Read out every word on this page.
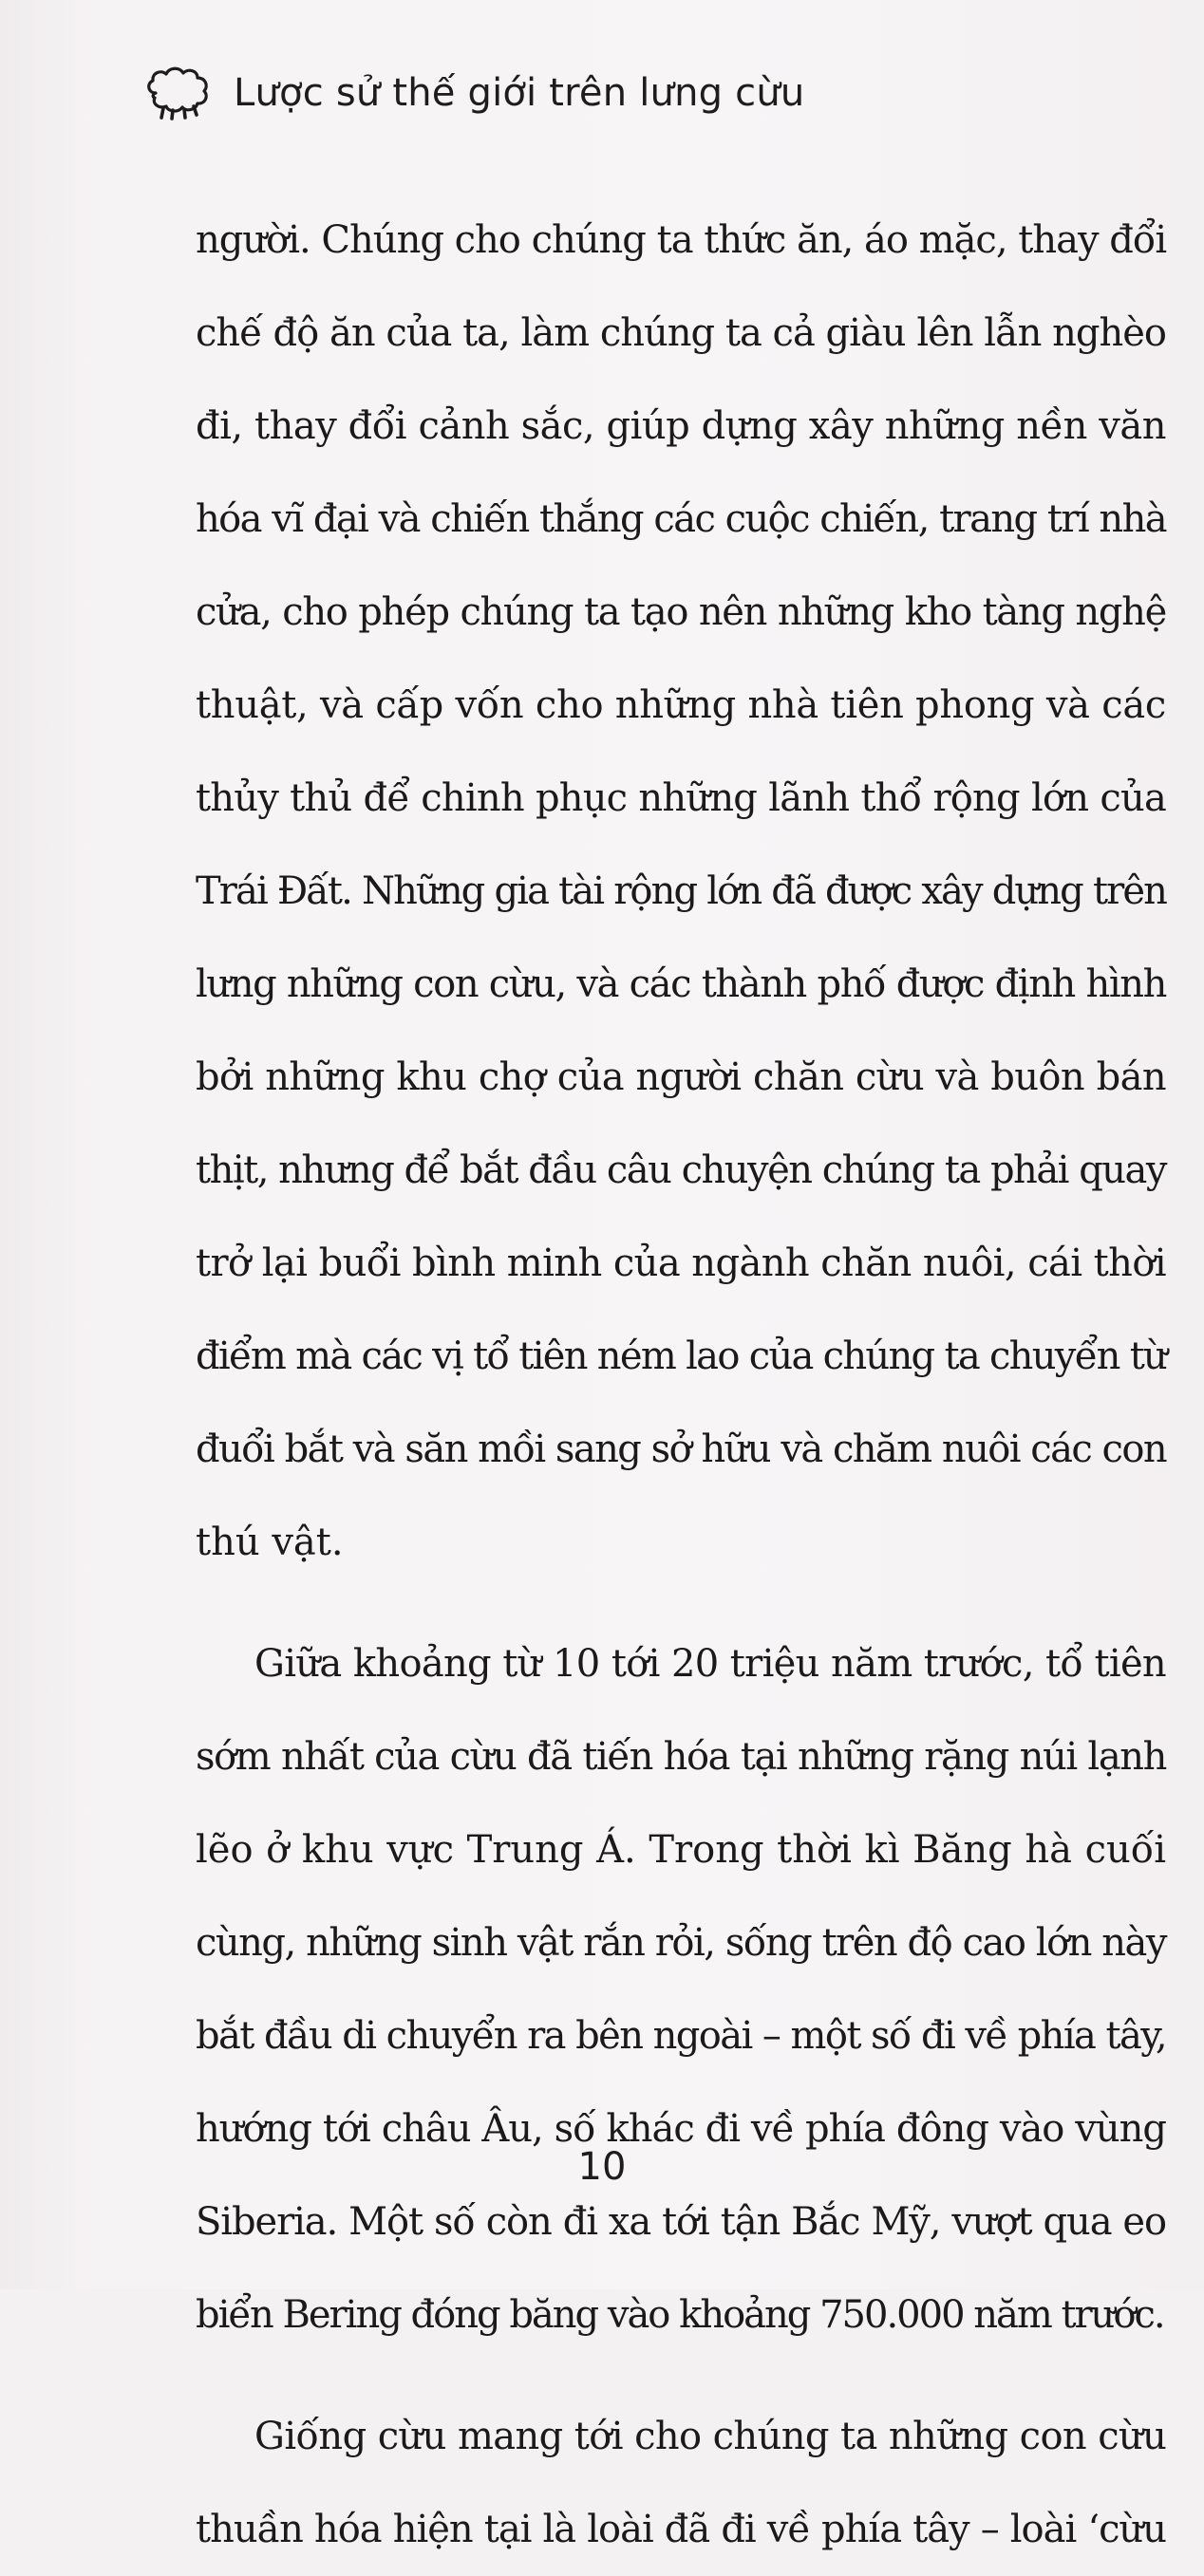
Lược sử thế giới trên lưng cừu

người. Chúng cho chúng ta thức ăn, áo mặc, thay đổi
chế độ ăn của ta, làm chúng ta cả giàu lên lẫn nghèo
đi, thay đổi cảnh sắc, giúp dựng xây những nền văn
hóa vĩ đại và chiến thắng các cuộc chiến, trang trí nhà
cửa, cho phép chúng ta tạo nên những kho tàng nghệ
thuật, và cấp vốn cho những nhà tiên phong và các
thủy thủ để chinh phục những lãnh thổ rộng lớn của
Trái Đất. Những gia tài rộng lớn đã được xây dựng trên
lưng những con cừu, và các thành phố được định hình
bởi những khu chợ của người chăn cừu và buôn bán
thịt, nhưng để bắt đầu câu chuyện chúng ta phải quay
trở lại buổi bình minh của ngành chăn nuôi, cái thời
điểm mà các vị tổ tiên ném lao của chúng ta chuyển từ
đuổi bắt và săn mồi sang sở hữu và chăm nuôi các con
thú vật.

Giữa khoảng từ 10 tới 20 triệu năm trước, tổ tiên
sớm nhất của cừu đã tiến hóa tại những rặng núi lạnh
lẽo ở khu vực Trung Á. Trong thời kì Băng hà cuối
cùng, những sinh vật rắn rỏi, sống trên độ cao lớn này
bắt đầu di chuyển ra bên ngoài – một số đi về phía tây,
hướng tới châu Âu, số khác đi về phía đông vào vùng
Siberia. Một số còn đi xa tới tận Bắc Mỹ, vượt qua eo
biển Bering đóng băng vào khoảng 750.000 năm trước.

Giống cừu mang tới cho chúng ta những con cừu
thuần hóa hiện tại là loài đã đi về phía tây – loài ‘cừu

10
